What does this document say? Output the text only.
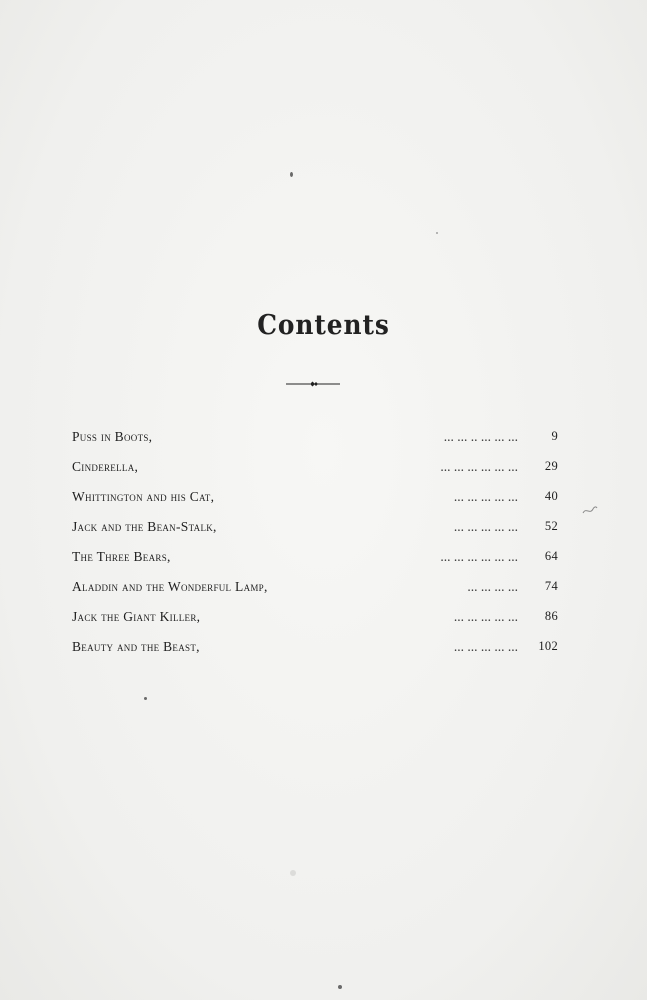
Contents
Puss in Boots,	... ... .. ... ... ...	9
Cinderella,	... ... ... ... ... ... 29
Whittington and his Cat,	... ... ... ... ... 40
Jack and the Bean-Stalk,	... ... ... ... ... 52
The Three Bears,	... ... ... ... ... ... 64
Aladdin and the Wonderful Lamp,	... ... ... ... 74
Jack the Giant Killer,	... ... ... ... ... 86
Beauty and the Beast,	... ... ... ... ... 102
